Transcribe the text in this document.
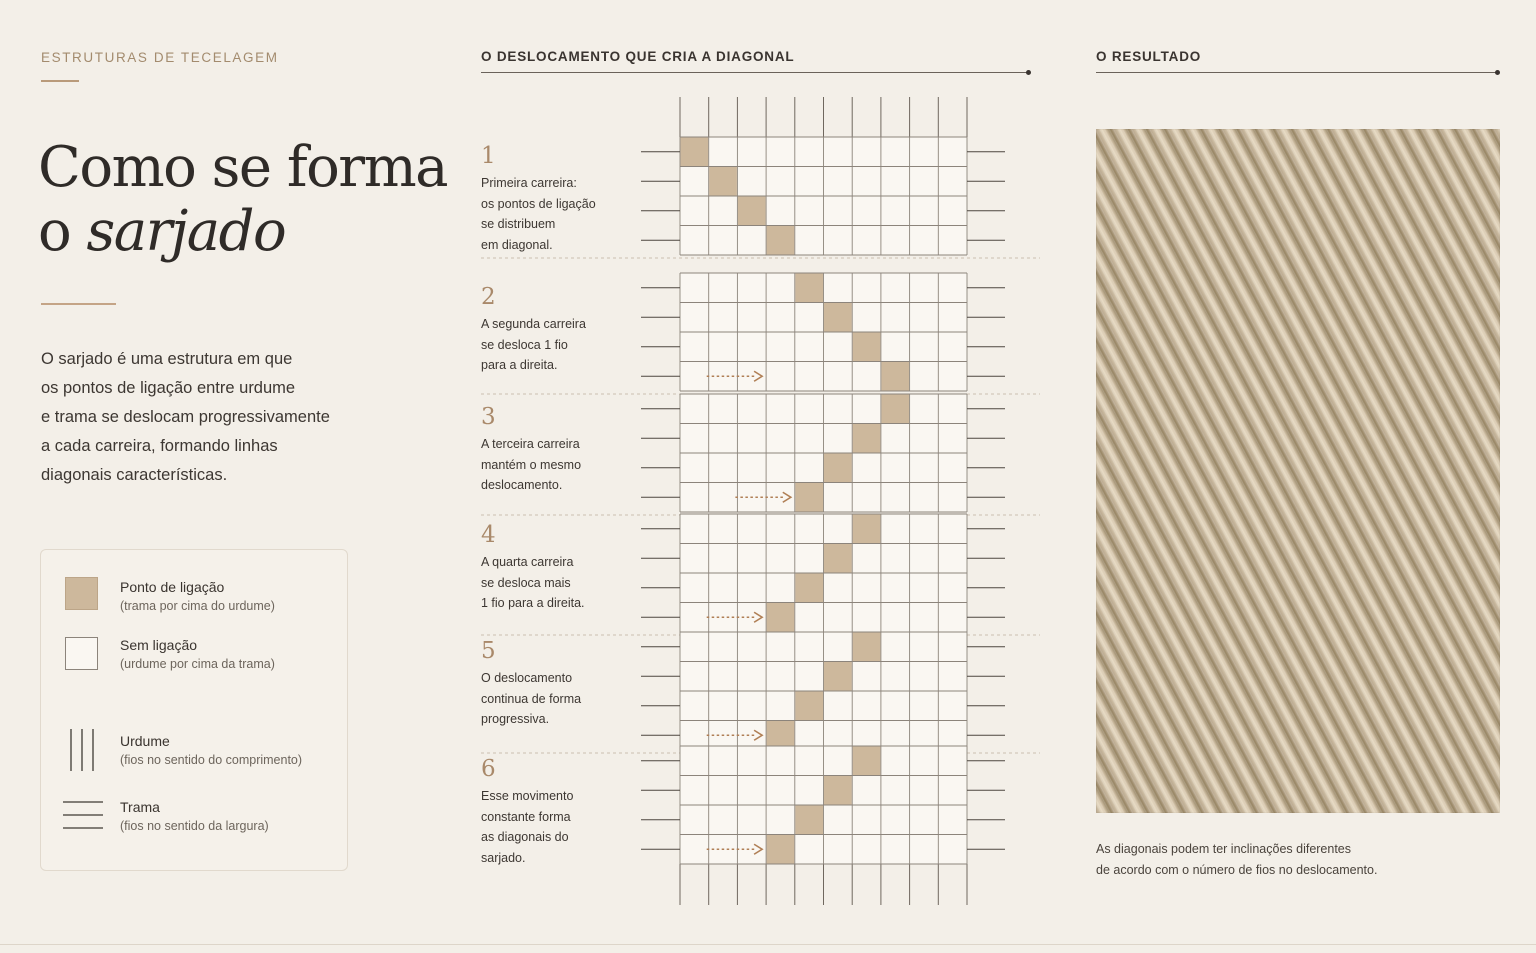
ESTRUTURAS DE TECELAGEM
Como se forma
o sarjado
O sarjado é uma estrutura em que
os pontos de ligação entre urdume
e trama se deslocam progressivamente
a cada carreira, formando linhas
diagonais características.
Ponto de ligação
(trama por cima do urdume)
Sem ligação
(urdume por cima da trama)
Urdume
(fios no sentido do comprimento)
Trama
(fios no sentido da largura)
O DESLOCAMENTO QUE CRIA A DIAGONAL
1
Primeira carreira:
os pontos de ligação
se distribuem
em diagonal.
2
A segunda carreira
se desloca 1 fio
para a direita.
3
A terceira carreira
mantém o mesmo
deslocamento.
4
A quarta carreira
se desloca mais
1 fio para a direita.
5
O deslocamento
continua de forma
progressiva.
6
Esse movimento
constante forma
as diagonais do
sarjado.
O RESULTADO
As diagonais podem ter inclinações diferentes
de acordo com o número de fios no deslocamento.
